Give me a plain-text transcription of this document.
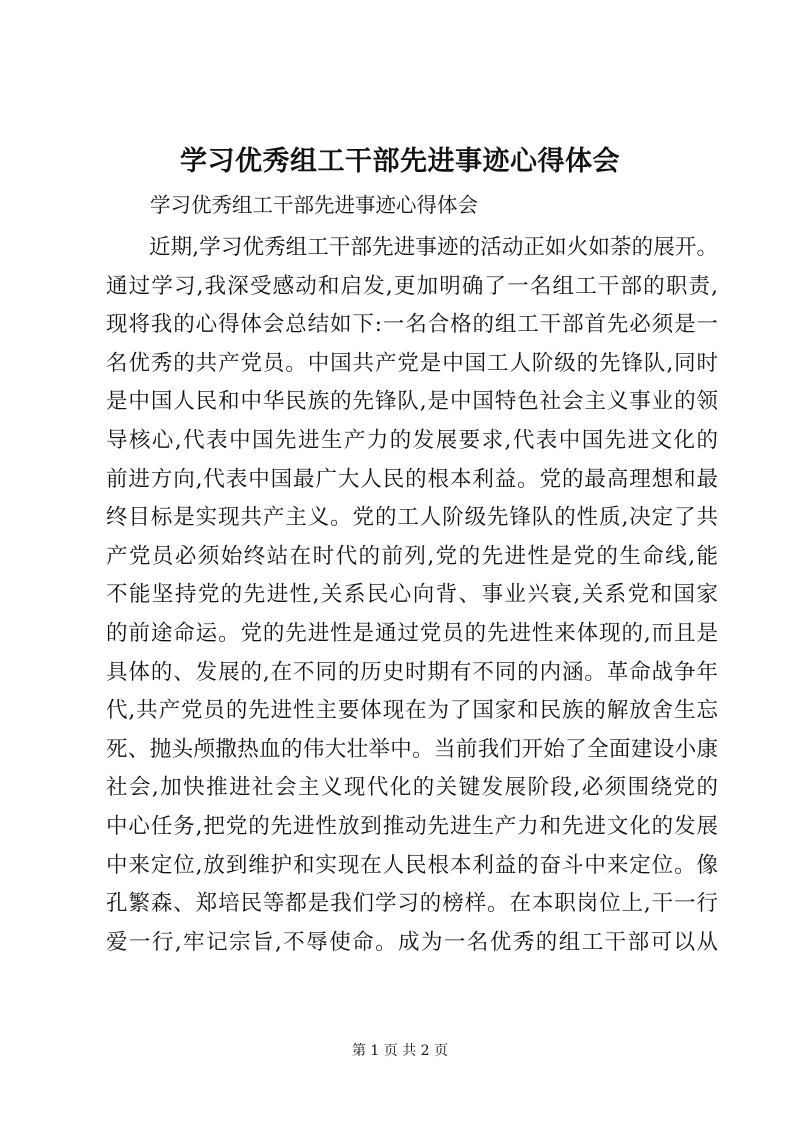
学习优秀组工干部先进事迹心得体会

学习优秀组工干部先进事迹心得体会

近期,学习优秀组工干部先进事迹的活动正如火如荼的展开。
通过学习,我深受感动和启发,更加明确了一名组工干部的职责,
现将我的心得体会总结如下:一名合格的组工干部首先必须是一
名优秀的共产党员。中国共产党是中国工人阶级的先锋队,同时
是中国人民和中华民族的先锋队,是中国特色社会主义事业的领
导核心,代表中国先进生产力的发展要求,代表中国先进文化的
前进方向,代表中国最广大人民的根本利益。党的最高理想和最
终目标是实现共产主义。党的工人阶级先锋队的性质,决定了共
产党员必须始终站在时代的前列,党的先进性是党的生命线,能
不能坚持党的先进性,关系民心向背、事业兴衰,关系党和国家
的前途命运。党的先进性是通过党员的先进性来体现的,而且是
具体的、发展的,在不同的历史时期有不同的内涵。革命战争年
代,共产党员的先进性主要体现在为了国家和民族的解放舍生忘
死、抛头颅撒热血的伟大壮举中。当前我们开始了全面建设小康
社会,加快推进社会主义现代化的关键发展阶段,必须围绕党的
中心任务,把党的先进性放到推动先进生产力和先进文化的发展
中来定位,放到维护和实现在人民根本利益的奋斗中来定位。像
孔繁森、郑培民等都是我们学习的榜样。在本职岗位上,干一行
爱一行,牢记宗旨,不辱使命。成为一名优秀的组工干部可以从

第 1 页 共 2 页
